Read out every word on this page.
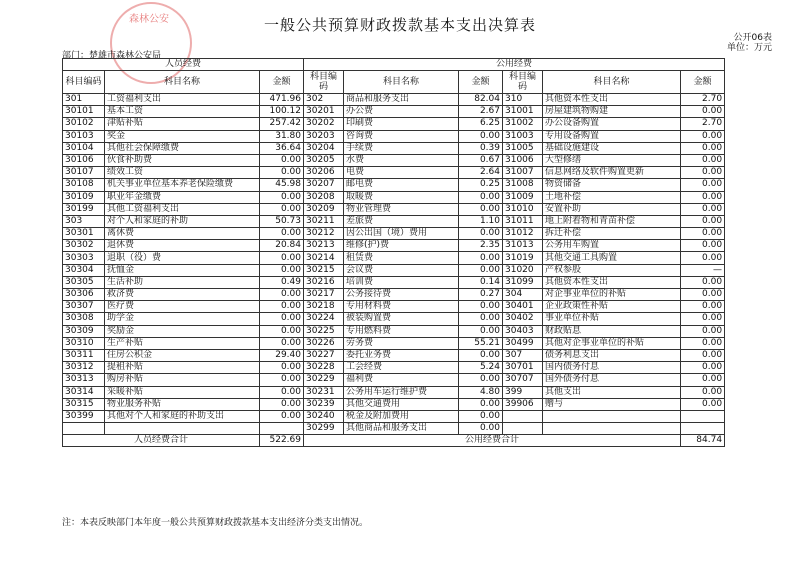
森林公安	一般公共预算财政拨款基本支出决算表
公开06表
单位：万元
部门：楚雄市森林公安局
人员经费			公用经费					
科目编码	科目名称	金额	科目编码	科目名称	金额	科目编码	科目名称	金额
301	工资福利支出	471.96	302	商品和服务支出	82.04	310	其他资本性支出	2.70
30101	基本工资	100.12	30201	办公费	2.67	31001	房屋建筑物购建	0.00
30102	津贴补贴	257.42	30202	印刷费	6.25	31002	办公设备购置	2.70
30103	奖金	31.80	30203	咨询费	0.00	31003	专用设备购置	0.00
30104	其他社会保障缴费	36.64	30204	手续费	0.39	31005	基础设施建设	0.00
30106	伙食补助费	0.00	30205	水费	0.67	31006	大型修缮	0.00
30107	绩效工资	0.00	30206	电费	2.64	31007	信息网络及软件购置更新	0.00
30108	机关事业单位基本养老保险缴费	45.98	30207	邮电费	0.25	31008	物资储备	0.00
30109	职业年金缴费	0.00	30208	取暖费	0.00	31009	土地补偿	0.00
30199	其他工资福利支出	0.00	30209	物业管理费	0.00	31010	安置补助	0.00
303	对个人和家庭的补助	50.73	30211	差旅费	1.10	31011	地上附着物和青苗补偿	0.00
30301	离休费	0.00	30212	因公出国（境）费用	0.00	31012	拆迁补偿	0.00
30302	退休费	20.84	30213	维修(护)费	2.35	31013	公务用车购置	0.00
30303	退职（役）费	0.00	30214	租赁费	0.00	31019	其他交通工具购置	0.00
30304	抚恤金	0.00	30215	会议费	0.00	31020	产权参股	—
30305	生活补助	0.49	30216	培训费	0.14	31099	其他资本性支出	0.00
30306	救济费	0.00	30217	公务接待费	0.27	304	对企事业单位的补贴	0.00
30307	医疗费	0.00	30218	专用材料费	0.00	30401	企业政策性补贴	0.00
30308	助学金	0.00	30224	被装购置费	0.00	30402	事业单位补贴	0.00
30309	奖励金	0.00	30225	专用燃料费	0.00	30403	财政贴息	0.00
30310	生产补贴	0.00	30226	劳务费	55.21	30499	其他对企事业单位的补贴	0.00
30311	住房公积金	29.40	30227	委托业务费	0.00	307	债务利息支出	0.00
30312	提租补贴	0.00	30228	工会经费	5.24	30701	国内债务付息	0.00
30313	购房补贴	0.00	30229	福利费	0.00	30707	国外债务付息	0.00
30314	采暖补贴	0.00	30231	公务用车运行维护费	4.80	399	其他支出	0.00
30315	物业服务补贴	0.00	30239	其他交通费用	0.00	39906	赠与	0.00
30399	其他对个人和家庭的补助支出	0.00	30240	税金及附加费用	0.00			
			30299	其他商品和服务支出	0.00			
人员经费合计		522.69	公用经费合计					84.74
注：本表反映部门本年度一般公共预算财政拨款基本支出经济分类支出情况。
